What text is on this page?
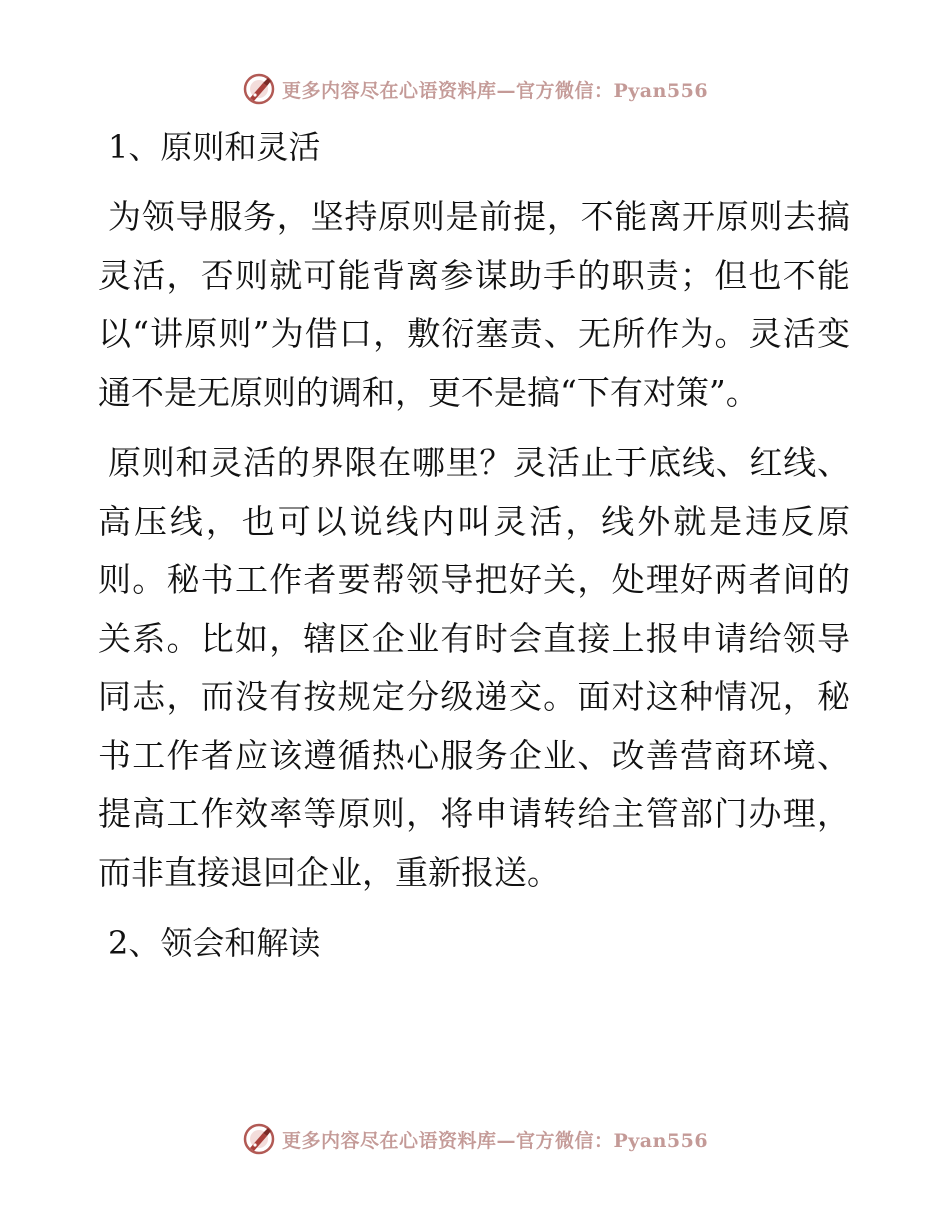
更多内容尽在心语资料库—官方微信：Pyan556
1、原则和灵活

为领导服务，坚持原则是前提，不能离开原则去搞灵活，否则就可能背离参谋助手的职责；但也不能以“讲原则”为借口，敷衍塞责、无所作为。灵活变通不是无原则的调和，更不是搞“下有对策”。

原则和灵活的界限在哪里？灵活止于底线、红线、高压线，也可以说线内叫灵活，线外就是违反原则。秘书工作者要帮领导把好关，处理好两者间的关系。比如，辖区企业有时会直接上报申请给领导同志，而没有按规定分级递交。面对这种情况，秘书工作者应该遵循热心服务企业、改善营商环境、提高工作效率等原则，将申请转给主管部门办理，而非直接退回企业，重新报送。

2、领会和解读
更多内容尽在心语资料库—官方微信：Pyan556
